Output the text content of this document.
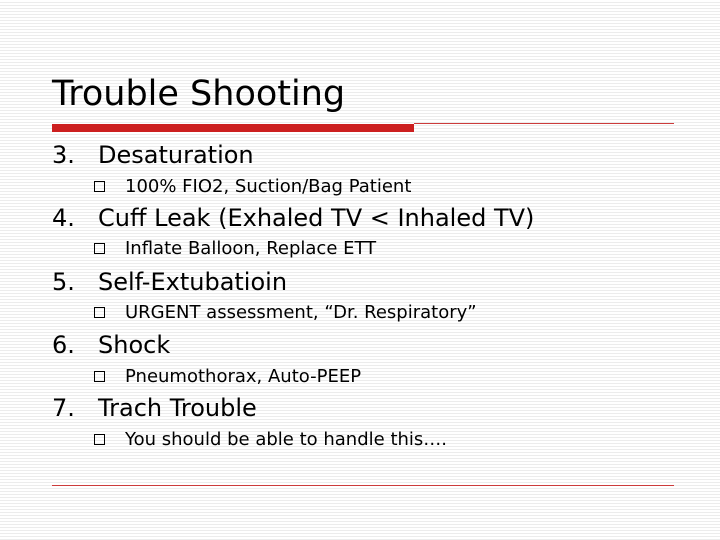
Trouble Shooting
3. Desaturation
100% FIO2, Suction/Bag Patient
4. Cuff Leak (Exhaled TV < Inhaled TV)
Inflate Balloon, Replace ETT
5. Self-Extubatioin
URGENT assessment, “Dr. Respiratory”
6. Shock
Pneumothorax, Auto-PEEP
7. Trach Trouble
You should be able to handle this….
